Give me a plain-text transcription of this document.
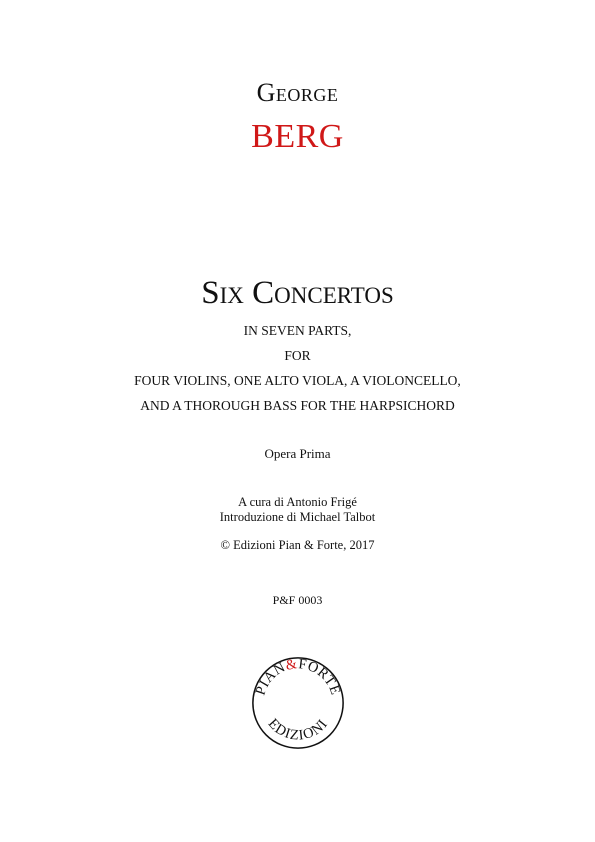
George
BERG
Six Concertos
IN SEVEN PARTS,
FOR
FOUR VIOLINS, ONE ALTO VIOLA, A VIOLONCELLO,
AND A THOROUGH BASS FOR THE HARPSICHORD
Opera Prima
A cura di Antonio Frigé
Introduzione di Michael Talbot
© Edizioni Pian & Forte, 2017
P&F 0003
PIAN&FORTE
EDIZIONI
